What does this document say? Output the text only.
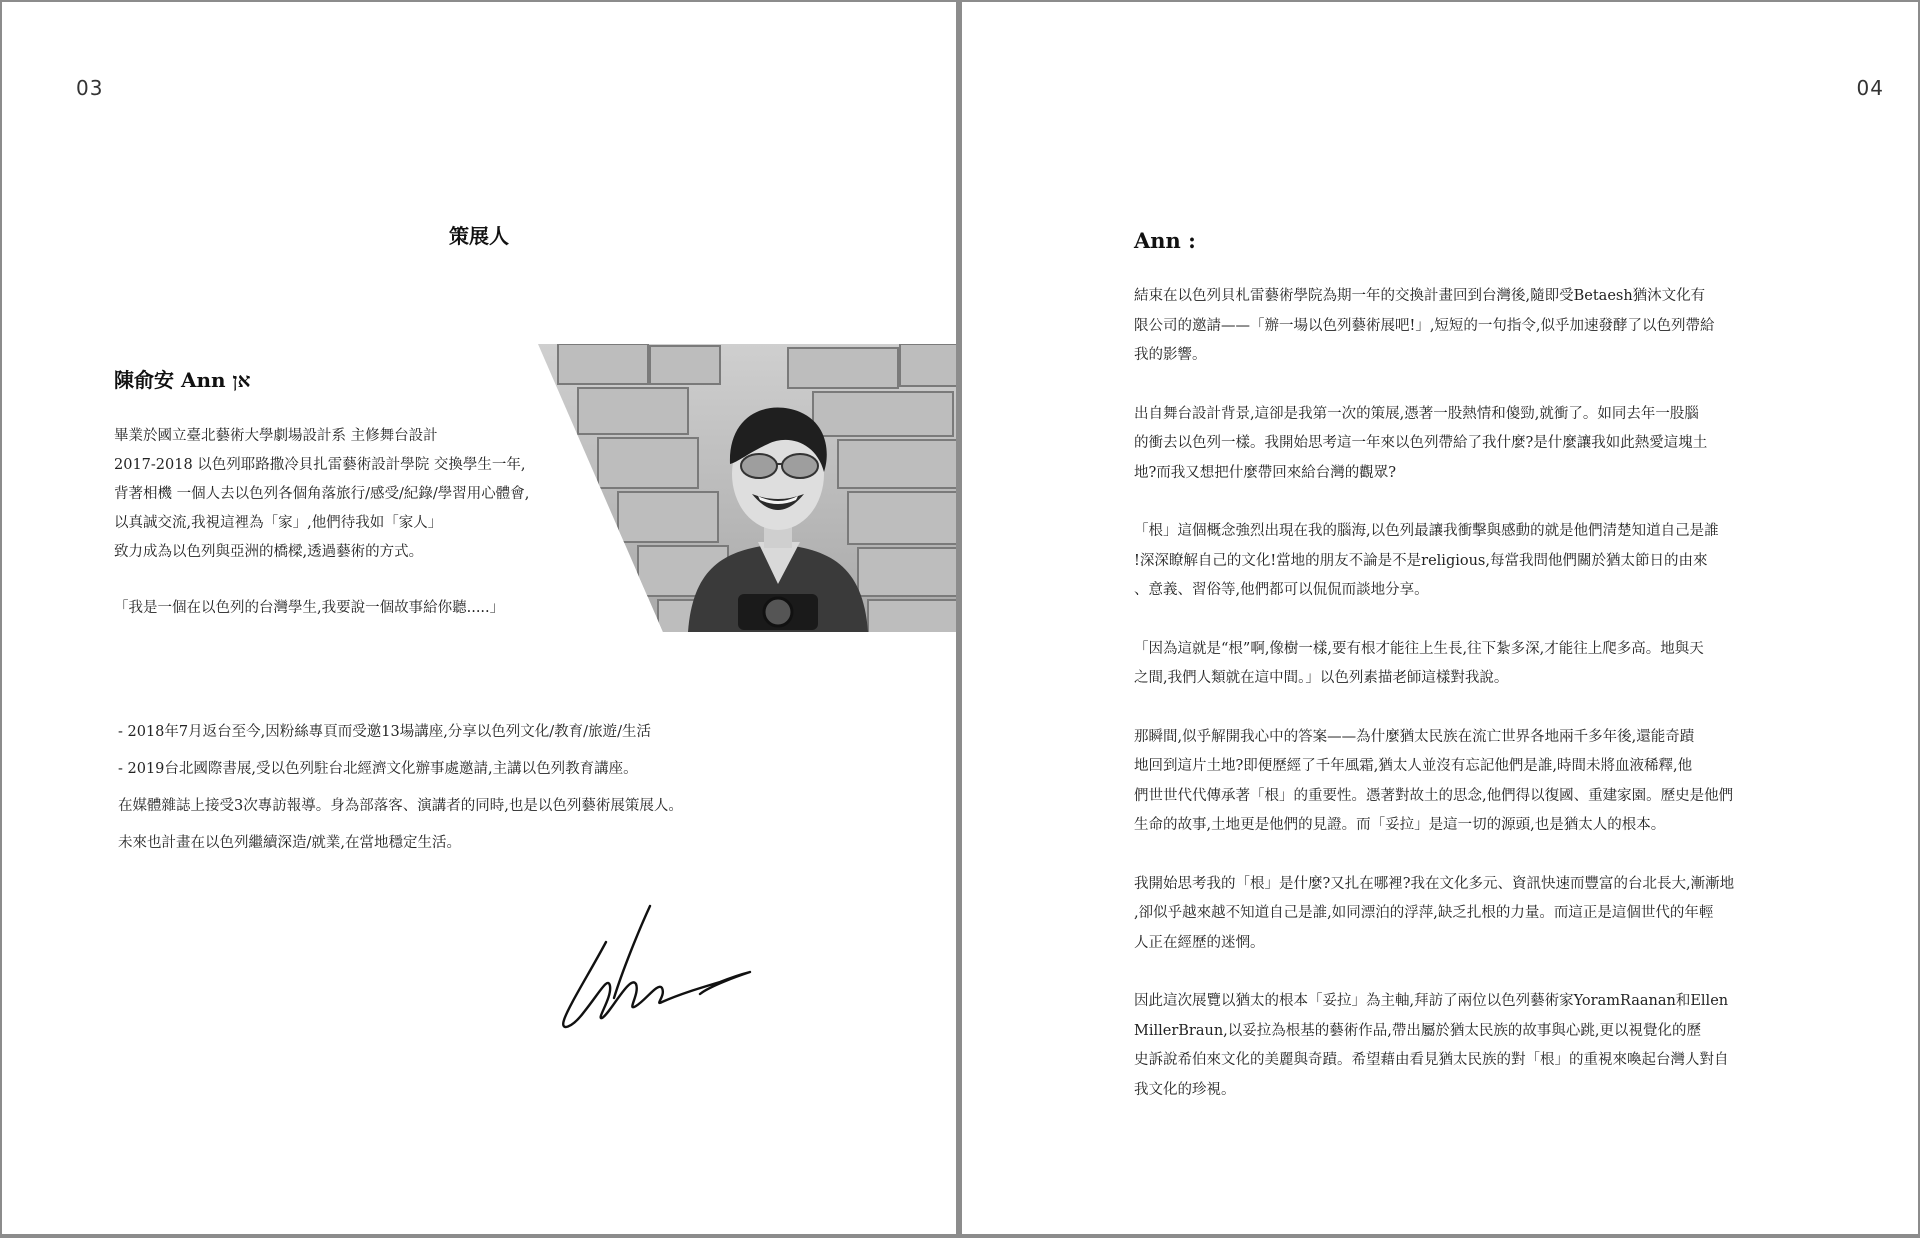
03
策展人
陳俞安 Ann אן
畢業於國立臺北藝術大學劇場設計系 主修舞台設計
2017-2018 以色列耶路撒冷貝扎雷藝術設計學院 交換學生一年,
背著相機 一個人去以色列各個角落旅行/感受/紀錄/學習用心體會,
以真誠交流,我視這裡為「家」,他們待我如「家人」
致力成為以色列與亞洲的橋樑,透過藝術的方式。
「我是一個在以色列的台灣學生,我要說一個故事給你聽.....」
- 2018年7月返台至今,因粉絲專頁而受邀13場講座,分享以色列文化/教育/旅遊/生活
- 2019台北國際書展,受以色列駐台北經濟文化辦事處邀請,主講以色列教育講座。
在媒體雜誌上接受3次專訪報導。身為部落客、演講者的同時,也是以色列藝術展策展人。
未來也計畫在以色列繼續深造/就業,在當地穩定生活。
04
Ann :

結束在以色列貝札雷藝術學院為期一年的交換計畫回到台灣後,隨即受Betaesh猶沐文化有
限公司的邀請——「辦一場以色列藝術展吧!」,短短的一句指令,似乎加速發酵了以色列帶給
我的影響。

出自舞台設計背景,這卻是我第一次的策展,憑著一股熱情和傻勁,就衝了。如同去年一股腦
的衝去以色列一樣。我開始思考這一年來以色列帶給了我什麼?是什麼讓我如此熱愛這塊土
地?而我又想把什麼帶回來給台灣的觀眾?

「根」這個概念強烈出現在我的腦海,以色列最讓我衝擊與感動的就是他們清楚知道自己是誰
!深深瞭解自己的文化!當地的朋友不論是不是religious,每當我問他們關於猶太節日的由來
、意義、習俗等,他們都可以侃侃而談地分享。

「因為這就是“根”啊,像樹一樣,要有根才能往上生長,往下紮多深,才能往上爬多高。地與天
之間,我們人類就在這中間。」以色列素描老師這樣對我說。

那瞬間,似乎解開我心中的答案——為什麼猶太民族在流亡世界各地兩千多年後,還能奇蹟
地回到這片土地?即便歷經了千年風霜,猶太人並沒有忘記他們是誰,時間未將血液稀釋,他
們世世代代傳承著「根」的重要性。憑著對故土的思念,他們得以復國、重建家園。歷史是他們
生命的故事,土地更是他們的見證。而「妥拉」是這一切的源頭,也是猶太人的根本。

我開始思考我的「根」是什麼?又扎在哪裡?我在文化多元、資訊快速而豐富的台北長大,漸漸地
,卻似乎越來越不知道自己是誰,如同漂泊的浮萍,缺乏扎根的力量。而這正是這個世代的年輕
人正在經歷的迷惘。

因此這次展覽以猶太的根本「妥拉」為主軸,拜訪了兩位以色列藝術家YoramRaanan和Ellen
MillerBraun,以妥拉為根基的藝術作品,帶出屬於猶太民族的故事與心跳,更以視覺化的歷
史訴說希伯來文化的美麗與奇蹟。希望藉由看見猶太民族的對「根」的重視來喚起台灣人對自
我文化的珍視。
